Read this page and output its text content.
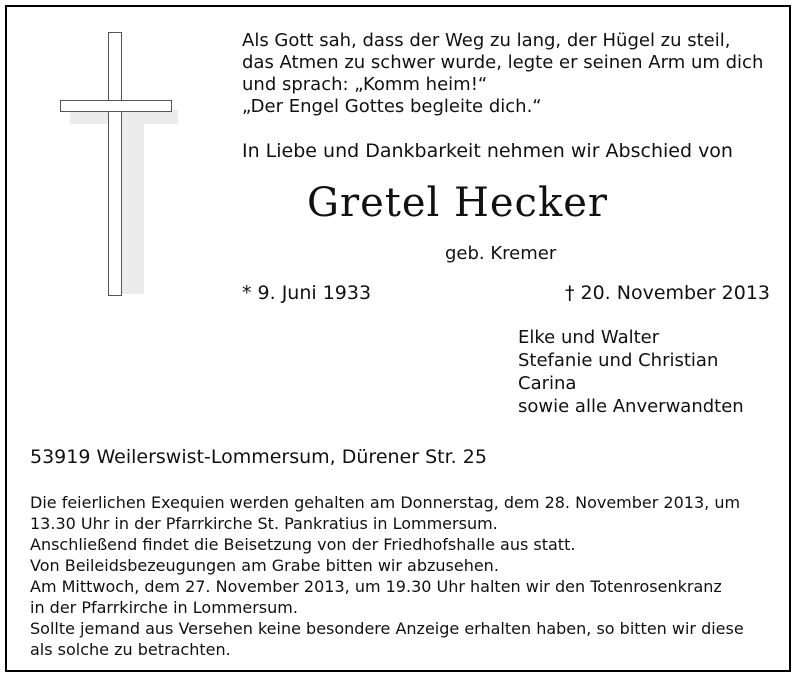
Als Gott sah, dass der Weg zu lang, der Hügel zu steil,
das Atmen zu schwer wurde, legte er seinen Arm um dich
und sprach: „Komm heim!“
„Der Engel Gottes begleite dich.“
In Liebe und Dankbarkeit nehmen wir Abschied von
Gretel Hecker
geb. Kremer
* 9. Juni 1933	† 20. November 2013
Elke und Walter
Stefanie und Christian
Carina
sowie alle Anverwandten
53919 Weilerswist-Lommersum, Dürener Str. 25
Die feierlichen Exequien werden gehalten am Donnerstag, dem 28. November 2013, um
13.30 Uhr in der Pfarrkirche St. Pankratius in Lommersum.
Anschließend findet die Beisetzung von der Friedhofshalle aus statt.
Von Beileidsbezeugungen am Grabe bitten wir abzusehen.
Am Mittwoch, dem 27. November 2013, um 19.30 Uhr halten wir den Totenrosenkranz
in der Pfarrkirche in Lommersum.
Sollte jemand aus Versehen keine besondere Anzeige erhalten haben, so bitten wir diese
als solche zu betrachten.
